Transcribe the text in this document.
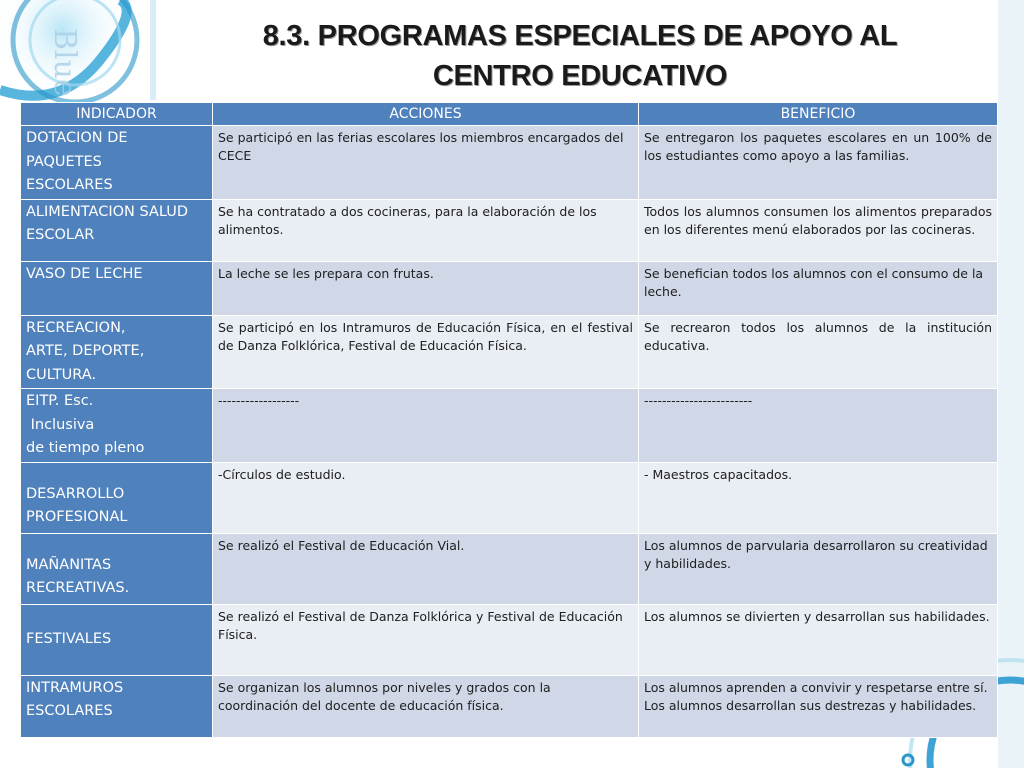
Blue	8.3. PROGRAMAS ESPECIALES DE APOYO AL
CENTRO EDUCATIVO
INDICADOR	ACCIONES	BENEFICIO

DOTACION DE PAQUETES
ESCOLARES	Se participó en las ferias escolares los miembros encargados del CECE	Se entregaron los paquetes escolares en un 100% de los estudiantes como apoyo a las familias.

ALIMENTACION SALUD
ESCOLAR	Se ha contratado a dos cocineras, para la elaboración de los alimentos.	Todos los alumnos consumen los alimentos preparados en los diferentes menú elaborados por las cocineras.

VASO DE LECHE	La leche se les prepara con frutas.	Se benefician todos los alumnos con el consumo de la leche.

RECREACION,
ARTE, DEPORTE,
CULTURA.	Se participó en los Intramuros de Educación Física, en el festival de Danza Folklórica, Festival de Educación Física.	Se recrearon todos los alumnos de la institución educativa.

EITP. Esc.
Inclusiva
de tiempo pleno	------------------	------------------------

DESARROLLO
PROFESIONAL	-Círculos de estudio.	- Maestros capacitados.

MAÑANITAS
RECREATIVAS.	Se realizó el Festival de Educación Vial.	Los alumnos de parvularia desarrollaron su creatividad y habilidades.

FESTIVALES	Se realizó el Festival de Danza Folklórica y Festival de Educación Física.	Los alumnos se divierten y desarrollan sus habilidades.

INTRAMUROS
ESCOLARES	Se organizan los alumnos por niveles y grados con la coordinación del docente de educación física.	Los alumnos aprenden a convivir y respetarse entre sí. Los alumnos desarrollan sus destrezas y habilidades.
